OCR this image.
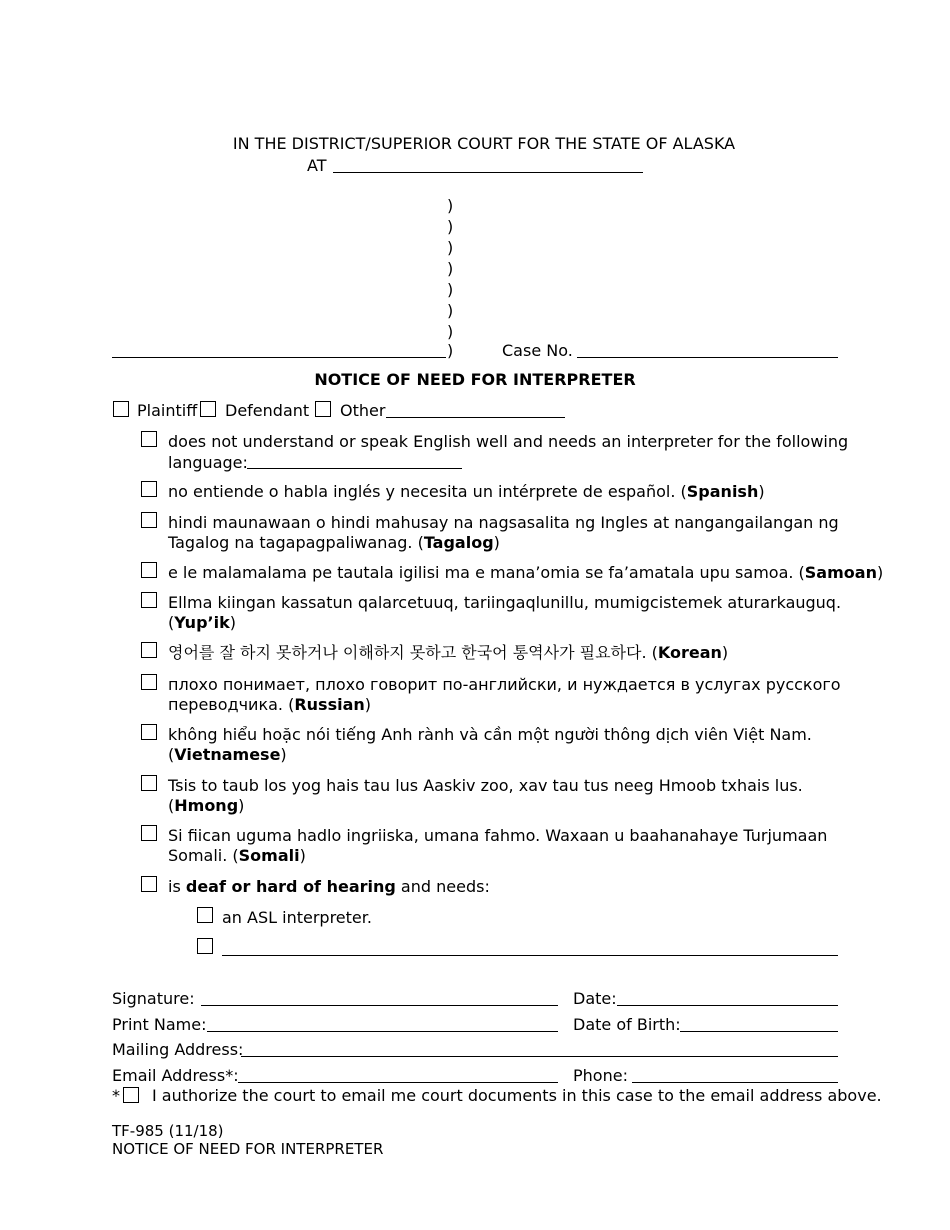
IN THE DISTRICT/SUPERIOR COURT FOR THE STATE OF ALASKA
AT
)
)
)
)
)
)
)
)	Case No.
NOTICE OF NEED FOR INTERPRETER
Plaintiff Defendant Other
does not understand or speak English well and needs an interpreter for the following
language:
no entiende o habla inglés y necesita un intérprete de español. (Spanish)
hindi maunawaan o hindi mahusay na nagsasalita ng Ingles at nangangailangan ng
Tagalog na tagapagpaliwanag. (Tagalog)
e le malamalama pe tautala igilisi ma e mana’omia se fa’amatala upu samoa. (Samoan)
Ellma kiingan kassatun qalarcetuuq, tariingaqlunillu, mumigcistemek aturarkauguq.
(Yup’ik)
영어를 잘 하지 못하거나 이해하지 못하고 한국어 통역사가 필요하다. (Korean)
плохо понимает, плохо говорит по-английски, и нуждается в услугах русского
переводчика. (Russian)
không hiểu hoặc nói tiếng Anh rành và cần một người thông dịch viên Việt Nam.
(Vietnamese)
Tsis to taub los yog hais tau lus Aaskiv zoo, xav tau tus neeg Hmoob txhais lus.
(Hmong)
Si fiican uguma hadlo ingriiska, umana fahmo. Waxaan u baahanahaye Turjumaan
Somali. (Somali)
is deaf or hard of hearing and needs:
an ASL interpreter.
Signature:	Date:
Print Name:	Date of Birth:
Mailing Address:
Email Address*:	Phone:
* I authorize the court to email me court documents in this case to the email address above.
TF-985 (11/18)
NOTICE OF NEED FOR INTERPRETER
